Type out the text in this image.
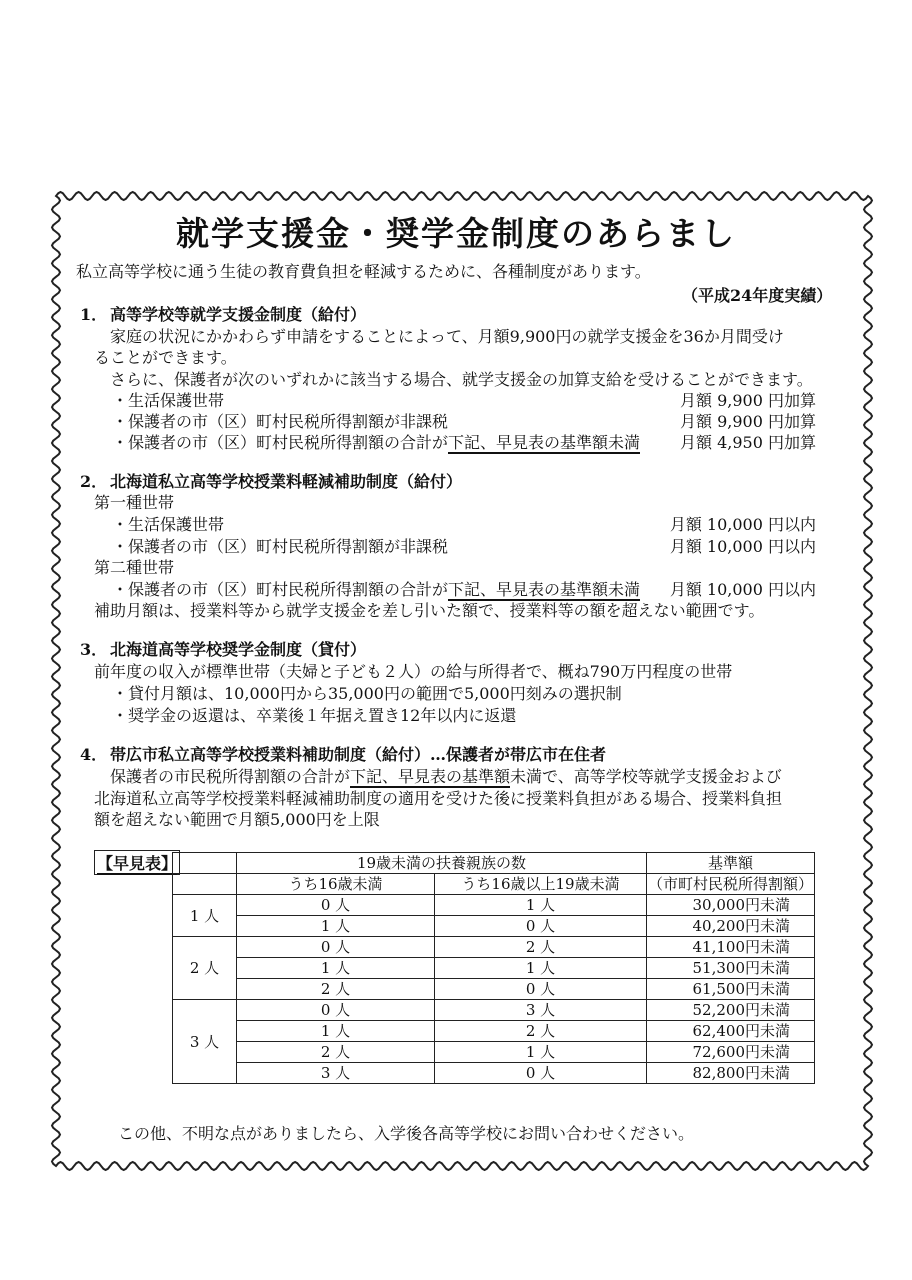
就学支援金・奨学金制度のあらまし
私立高等学校に通う生徒の教育費負担を軽減するために、各種制度があります。
（平成24年度実績）
1． 高等学校等就学支援金制度（給付）
家庭の状況にかかわらず申請をすることによって、月額9,900円の就学支援金を36か月間受け
ることができます。
さらに、保護者が次のいずれかに該当する場合、就学支援金の加算支給を受けることができます。
・生活保護世帯	月額 9,900 円加算
・保護者の市（区）町村民税所得割額が非課税	月額 9,900 円加算
・保護者の市（区）町村民税所得割額の合計が下記、早見表の基準額未満 月額 4,950 円加算
2． 北海道私立高等学校授業料軽減補助制度（給付）
第一種世帯
・生活保護世帯	月額 10,000 円以内
・保護者の市（区）町村民税所得割額が非課税	月額 10,000 円以内
第二種世帯
・保護者の市（区）町村民税所得割額の合計が下記、早見表の基準額未満 月額 10,000 円以内
補助月額は、授業料等から就学支援金を差し引いた額で、授業料等の額を超えない範囲です。
3． 北海道高等学校奨学金制度（貸付）
前年度の収入が標準世帯（夫婦と子ども２人）の給与所得者で、概ね790万円程度の世帯
・貸付月額は、10,000円から35,000円の範囲で5,000円刻みの選択制
・奨学金の返還は、卒業後１年据え置き12年以内に返還
4． 帯広市私立高等学校授業料補助制度（給付）…保護者が帯広市在住者
保護者の市民税所得割額の合計が下記、早見表の基準額未満で、高等学校等就学支援金および
北海道私立高等学校授業料軽減補助制度の適用を受けた後に授業料負担がある場合、授業料負担
額を超えない範囲で月額5,000円を上限
【早見表】
		19歳未満の扶養親族の数		基準額
	うち16歳未満	うち16歳以上19歳未満	（市町村民税所得割額）
1 人	0 人	1 人	30,000円未満
	1 人	0 人	40,200円未満
2 人	0 人	2 人	41,100円未満
	1 人	1 人	51,300円未満
	2 人	0 人	61,500円未満
3 人	0 人	3 人	52,200円未満
	1 人	2 人	62,400円未満
	2 人	1 人	72,600円未満
	3 人	0 人	82,800円未満
この他、不明な点がありましたら、入学後各高等学校にお問い合わせください。
